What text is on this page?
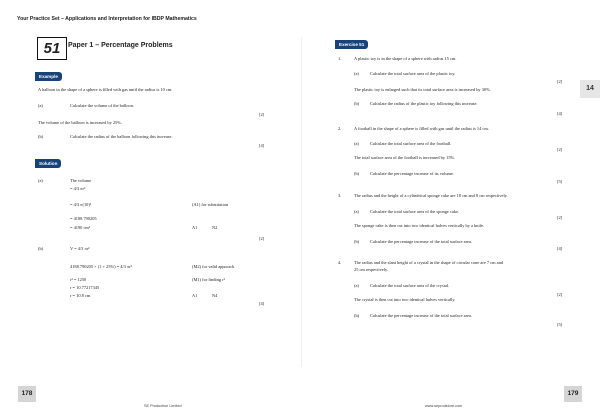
Your Practice Set – Applications and Interpretation for IBDP Mathematics
51	Paper 1 – Percentage Problems
Example
A balloon in the shape of a sphere is filled with gas until the radius is 10 cm.
(a)	Calculate the volume of the balloon.
[2]
The volume of the balloon is increased by 25%.
(b)	Calculate the radius of the balloon following this increase.
[4]
Solution
(a)	The volume
= 4/3 πr³
= 4/3 π(10)³	(A1) for substitution
= 4188.790205
= 4190 cm³	A1	N2
[2]
(b)	V = 4/3 πr³
4188.790205 × (1 + 25%) = 4/3 πr³	(M2) for valid approach
r³ = 1250	(M1) for finding r³
r = 10.77217345
r = 10.8 cm	A1	N4
[4]
Exercise 51
1.	A plastic toy is in the shape of a sphere with radius 15 cm.
(a)	Calculate the total surface area of the plastic toy.
[2]
The plastic toy is enlarged such that its total surface area is increased by 30%.
(b) Calculate the radius of the plastic toy following this increase.
[4]
2.	A football in the shape of a sphere is filled with gas until the radius is 14 cm.
(a)	Calculate the total surface area of the football.
[2]
The total surface area of the football is increased by 15%.
(b) Calculate the percentage increase of its volume.
[5]
3.	The radius and the height of a cylindrical sponge cake are 18 cm and 8 cm respectively.
(a)	Calculate the total surface area of the sponge cake.
[2]
The sponge cake is then cut into two identical halves vertically by a knife.
(b) Calculate the percentage increase of the total surface area.
[4]
4.	The radius and the slant height of a crystal in the shape of circular cone are 7 cm and
25 cm respectively.
(a)	Calculate the total surface area of the crystal.
[2]
The crystal is then cut into two identical halves vertically.
(b) Calculate the percentage increase of the total surface area.
[5]
14
178
SE Production Limited	www.seprodstore.com
179
